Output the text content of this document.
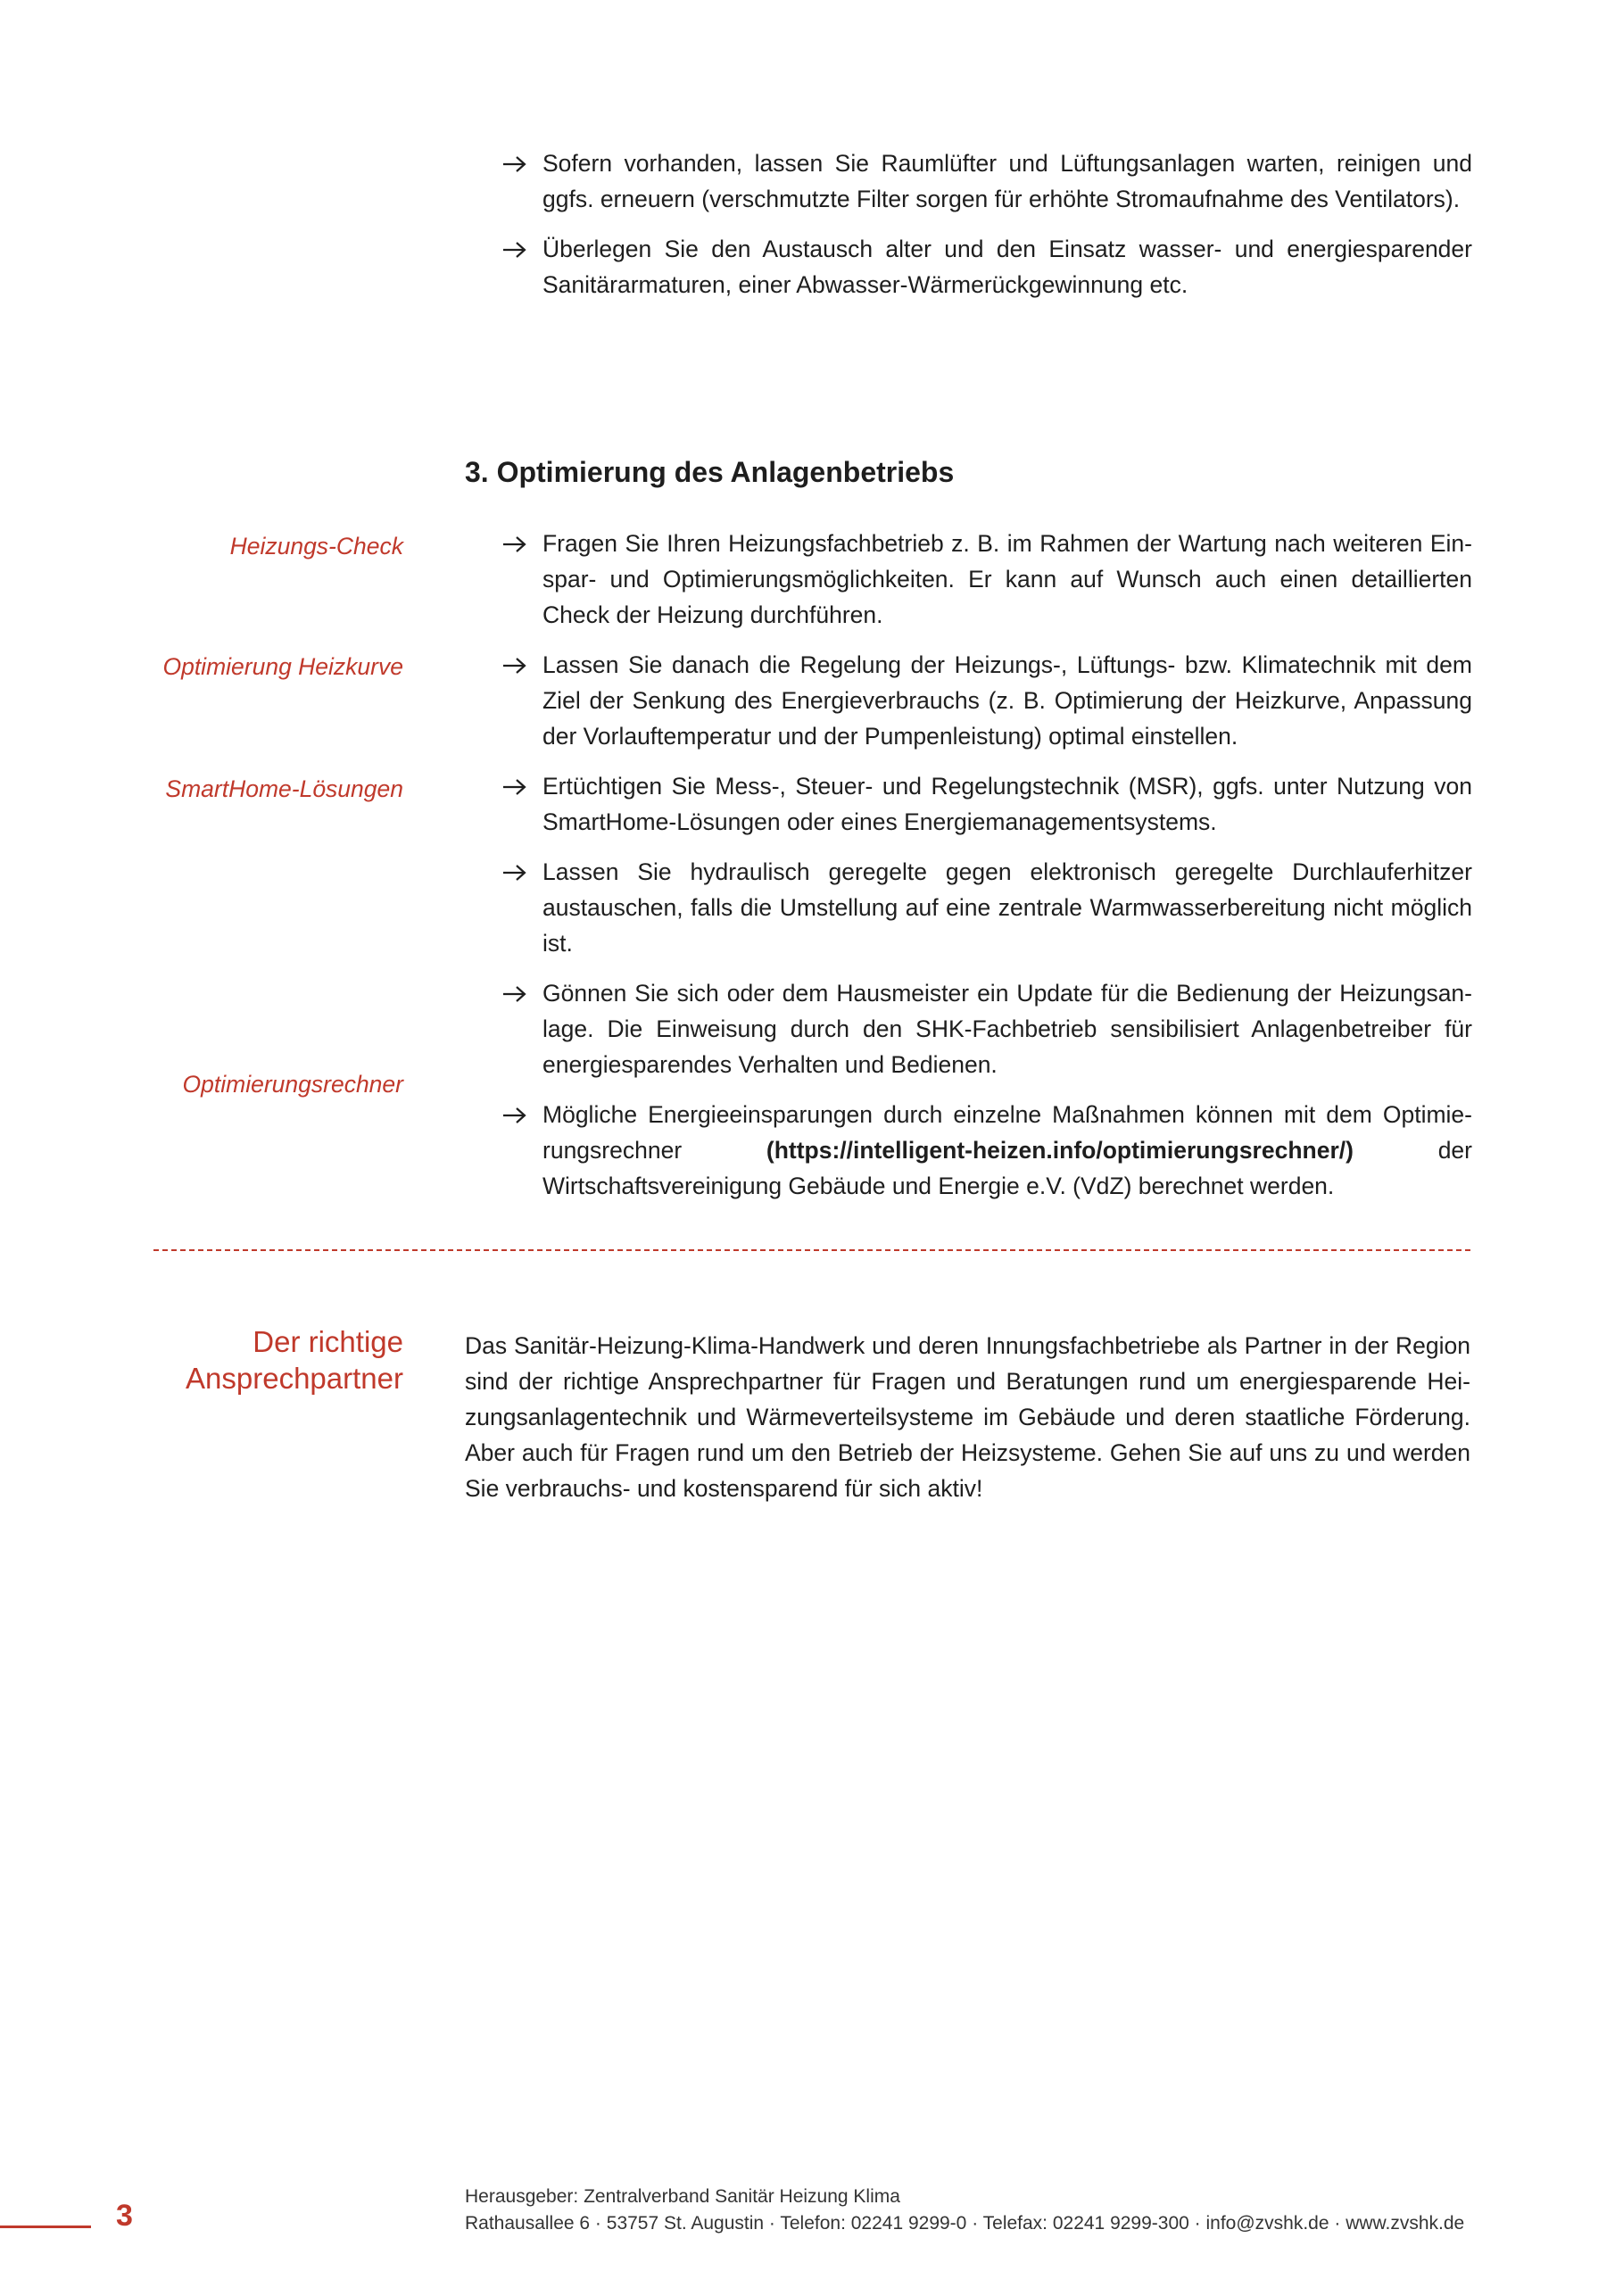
Sofern vorhanden, lassen Sie Raumlüfter und Lüftungsanlagen warten, reinigen und ggfs. erneuern (verschmutzte Filter sorgen für erhöhte Stromaufnahme des Ventilators).
Überlegen Sie den Austausch alter und den Einsatz wasser- und energiesparender Sanitärarmaturen, einer Abwasser-Wärmerückgewinnung etc.
3. Optimierung des Anlagenbetriebs
Heizungs-Check
Optimierung Heizkurve
SmartHome-Lösungen
Optimierungsrechner
Fragen Sie Ihren Heizungsfachbetrieb z. B. im Rahmen der Wartung nach weiteren Einspar- und Optimierungsmöglichkeiten. Er kann auf Wunsch auch einen detaillierten Check der Heizung durchführen.
Lassen Sie danach die Regelung der Heizungs-, Lüftungs- bzw. Klimatechnik mit dem Ziel der Senkung des Energieverbrauchs (z. B. Optimierung der Heizkurve, Anpassung der Vorlauftemperatur und der Pumpenleistung) optimal einstellen.
Ertüchtigen Sie Mess-, Steuer- und Regelungstechnik (MSR), ggfs. unter Nutzung von SmartHome-Lösungen oder eines Energiemanagementsystems.
Lassen Sie hydraulisch geregelte gegen elektronisch geregelte Durchlauferhitzer austauschen, falls die Umstellung auf eine zentrale Warmwasserbereitung nicht möglich ist.
Gönnen Sie sich oder dem Hausmeister ein Update für die Bedienung der Heizungsanlage. Die Einweisung durch den SHK-Fachbetrieb sensibilisiert Anlagenbetreiber für energiesparendes Verhalten und Bedienen.
Mögliche Energieeinsparungen durch einzelne Maßnahmen können mit dem Optimierungsrechner (https://intelligent-heizen.info/optimierungsrechner/) der Wirtschaftsvereinigung Gebäude und Energie e.V. (VdZ) berechnet werden.
Der richtige
Ansprechpartner

Das Sanitär-Heizung-Klima-Handwerk und deren Innungsfachbetriebe als Partner in der Region sind der richtige Ansprechpartner für Fragen und Beratungen rund um energiesparende Heizungsanlagentechnik und Wärmeverteilsysteme im Gebäude und deren staatliche Förderung. Aber auch für Fragen rund um den Betrieb der Heizsysteme. Gehen Sie auf uns zu und werden Sie verbrauchs- und kostensparend für sich aktiv!

3
Herausgeber: Zentralverband Sanitär Heizung Klima
Rathausallee 6 · 53757 St. Augustin · Telefon: 02241 9299-0 · Telefax: 02241 9299-300 · info@zvshk.de · www.zvshk.de
